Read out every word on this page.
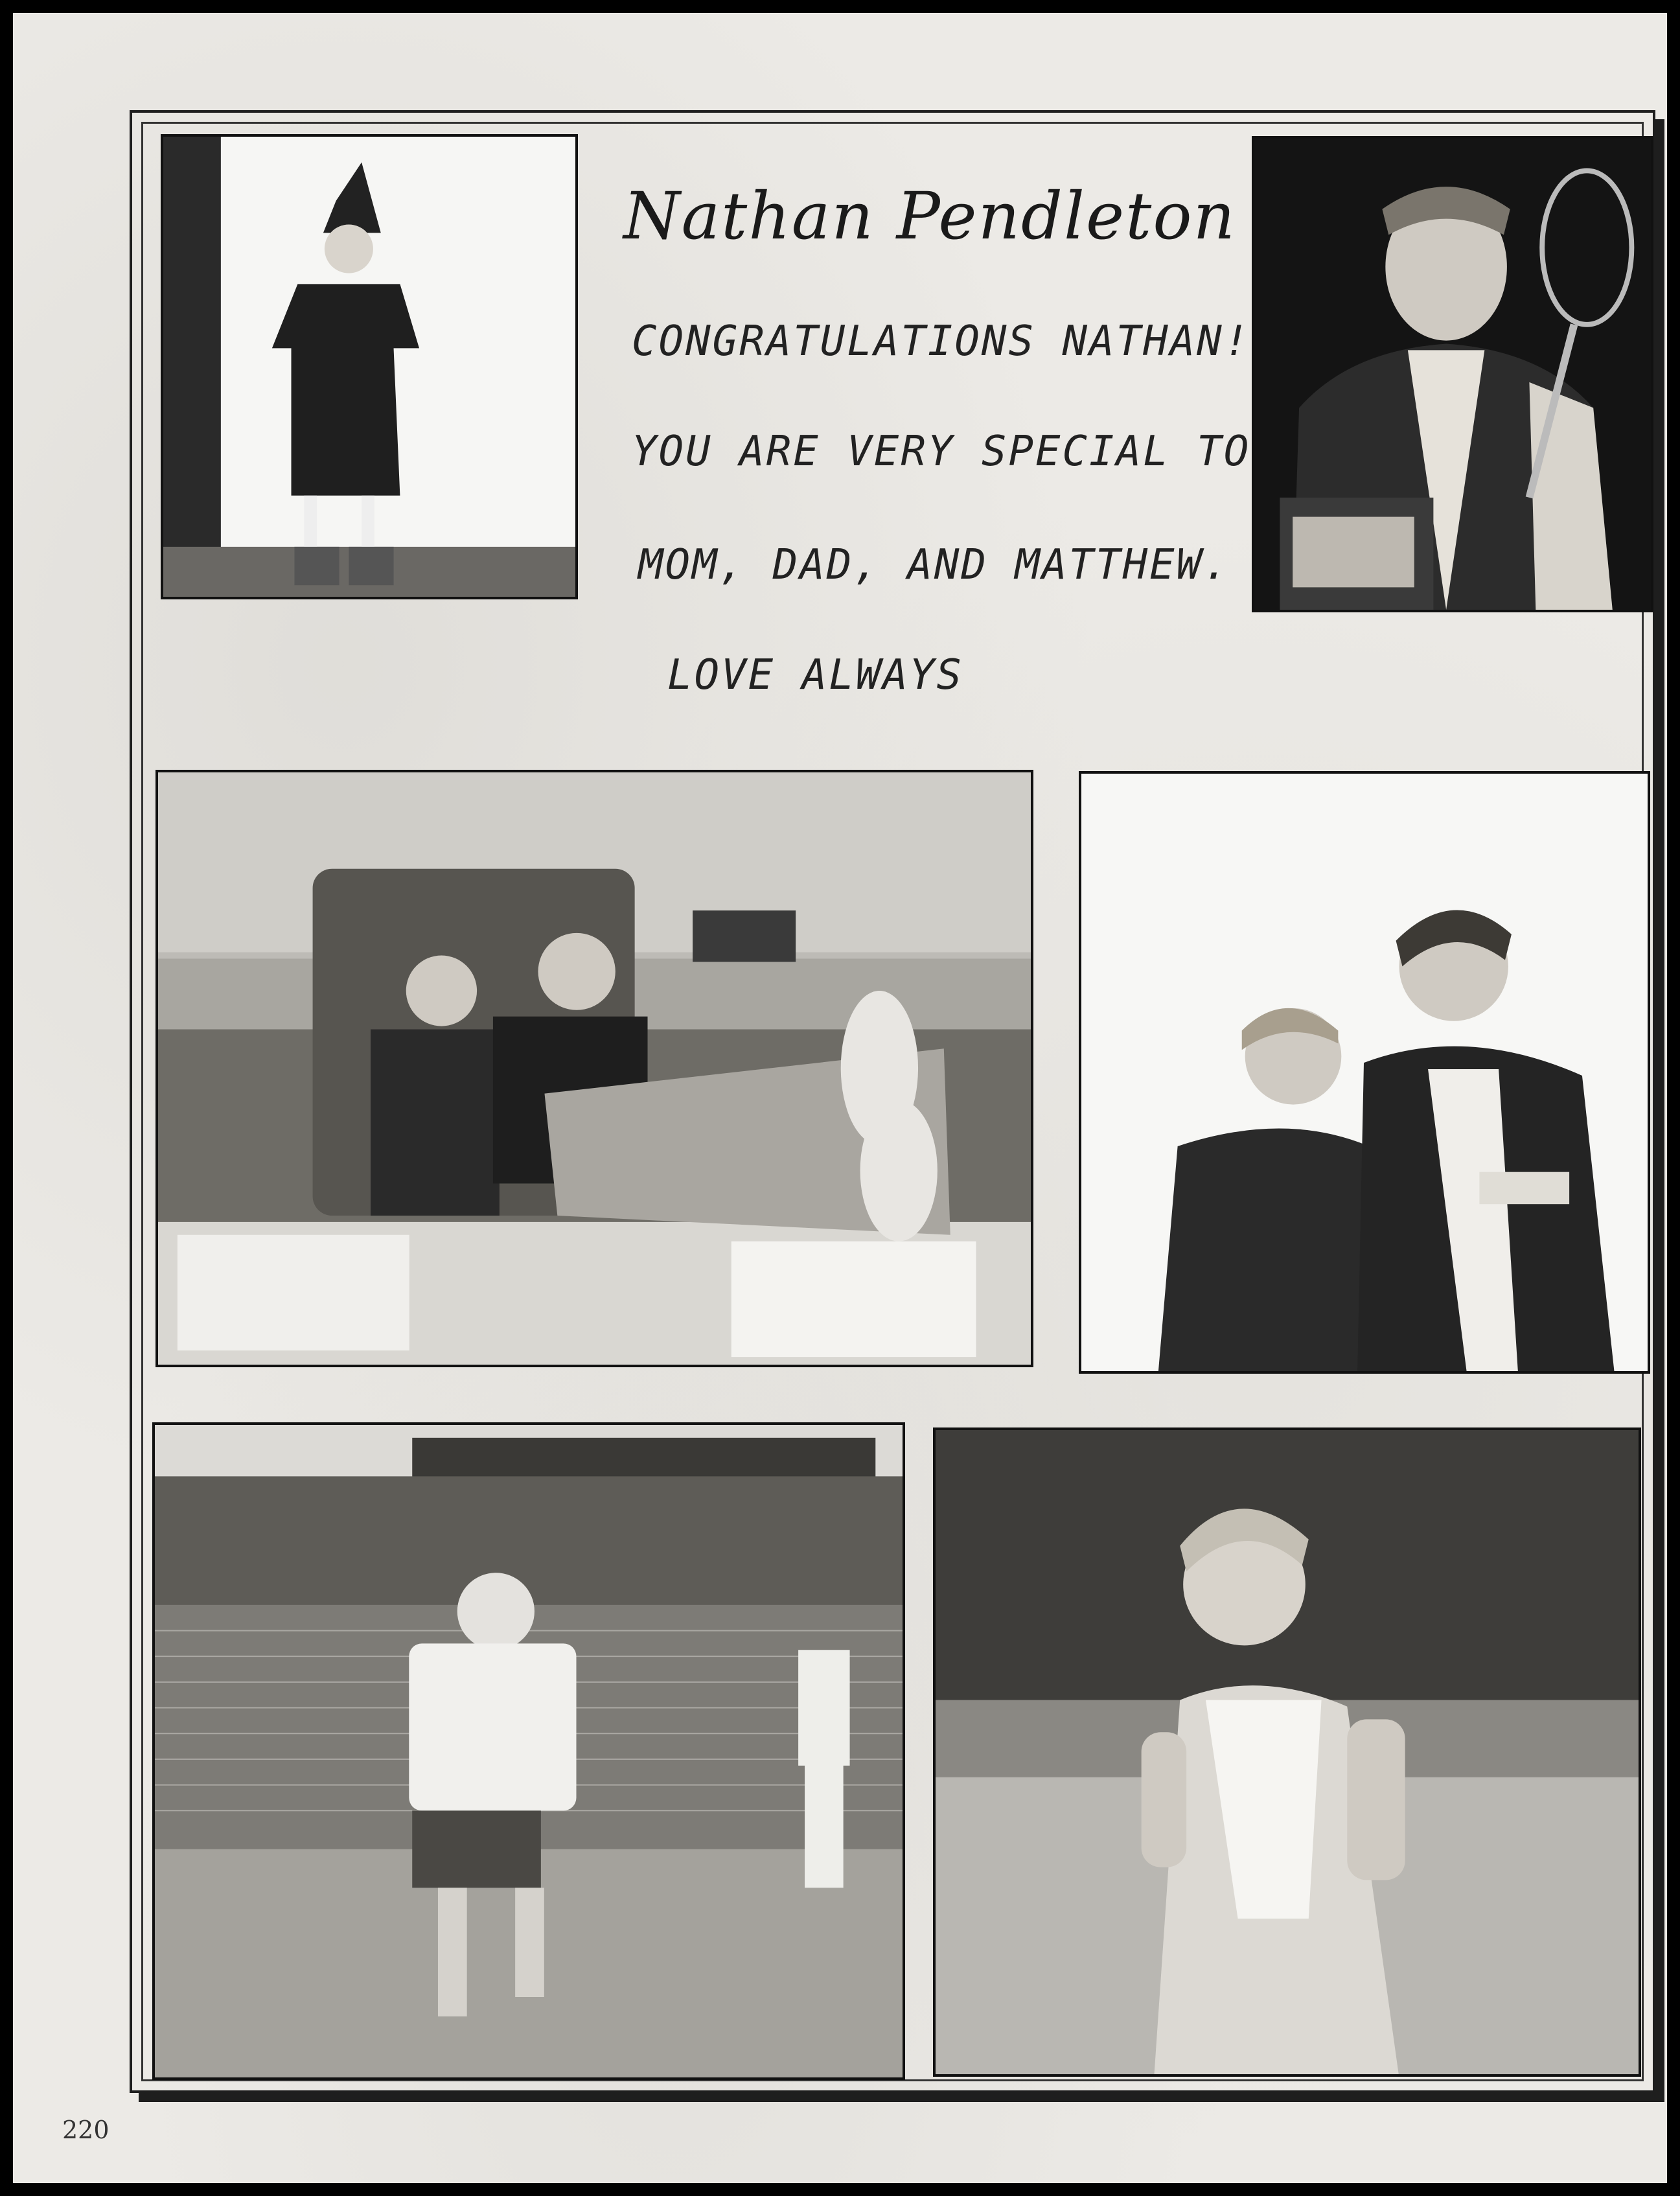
Nathan Pendleton
CONGRATULATIONS NATHAN!
YOU ARE VERY SPECIAL TO
MOM, DAD, AND MATTHEW.
LOVE ALWAYS
220
